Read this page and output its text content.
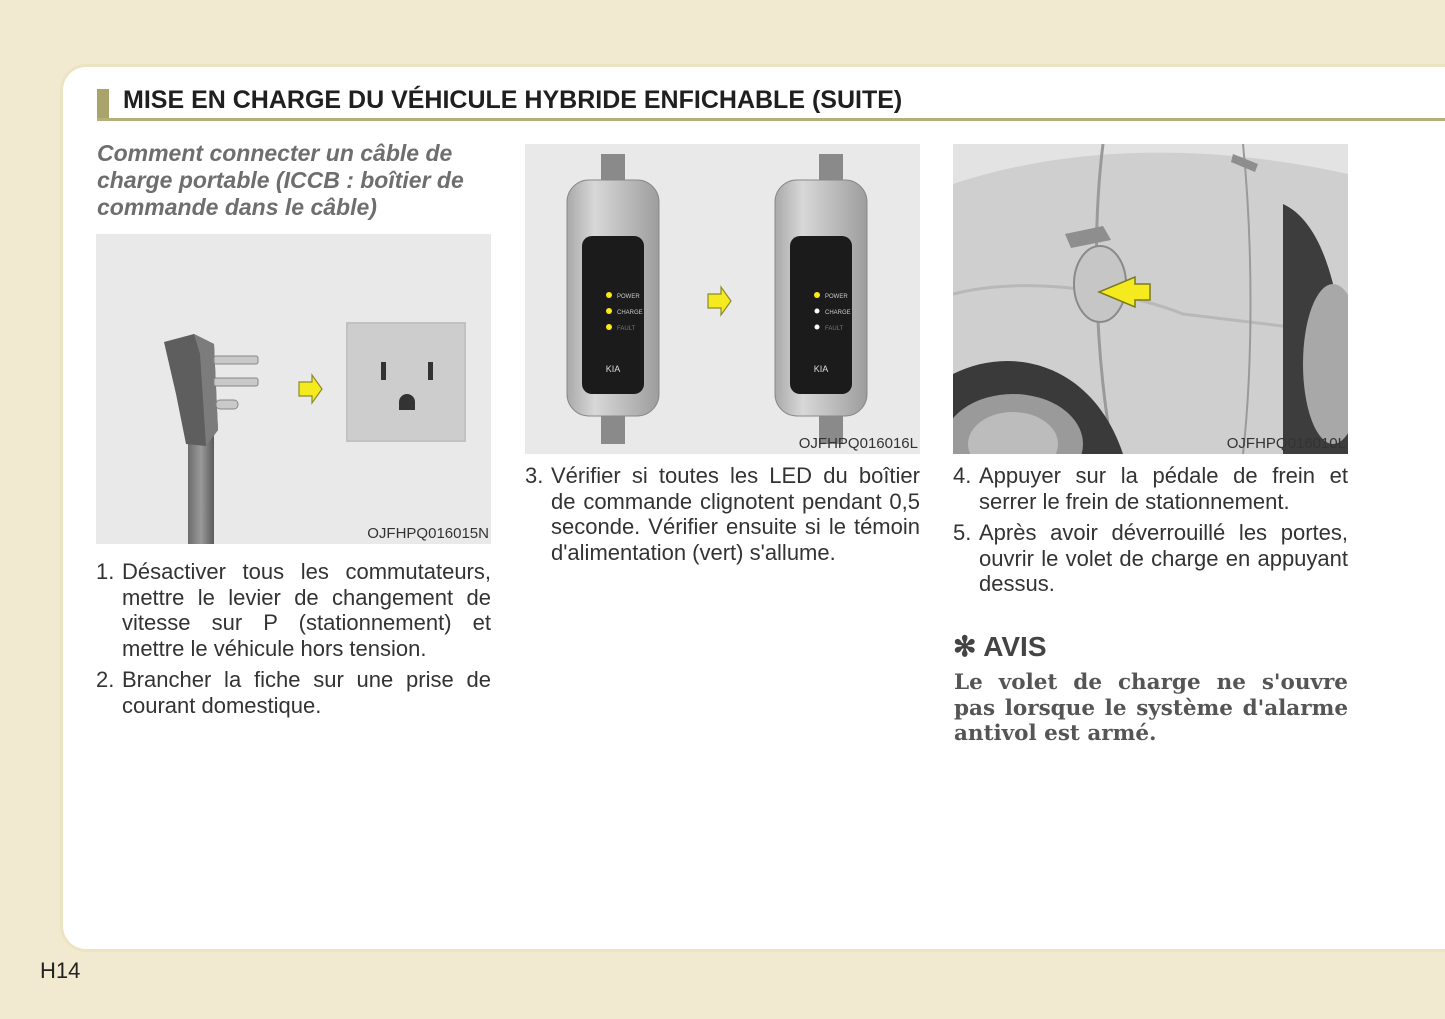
MISE EN CHARGE DU VÉHICULE HYBRIDE ENFICHABLE (SUITE)
Comment connecter un câble de charge portable (ICCB : boîtier de commande dans le câble)
OJFHPQ016015N
KIA
POWER
CHARGE
FAULT
KIA
POWER
CHARGE
FAULT
OJFHPQ016016L	OJFHPQ016010L
1. Désactiver tous les commutateurs, mettre le levier de changement de vitesse sur P (stationnement) et mettre le véhicule hors tension.
2. Brancher la fiche sur une prise de courant domestique.
3. Vérifier si toutes les LED du boîtier de commande clignotent pendant 0,5 seconde. Vérifier ensuite si le témoin d'alimentation (vert) s'allume.
4. Appuyer sur la pédale de frein et serrer le frein de stationnement.
5. Après avoir déverrouillé les portes, ouvrir le volet de charge en appuyant dessus.
✻ AVIS
Le volet de charge ne s'ouvre pas lorsque le système d'alarme antivol est armé.
H14
